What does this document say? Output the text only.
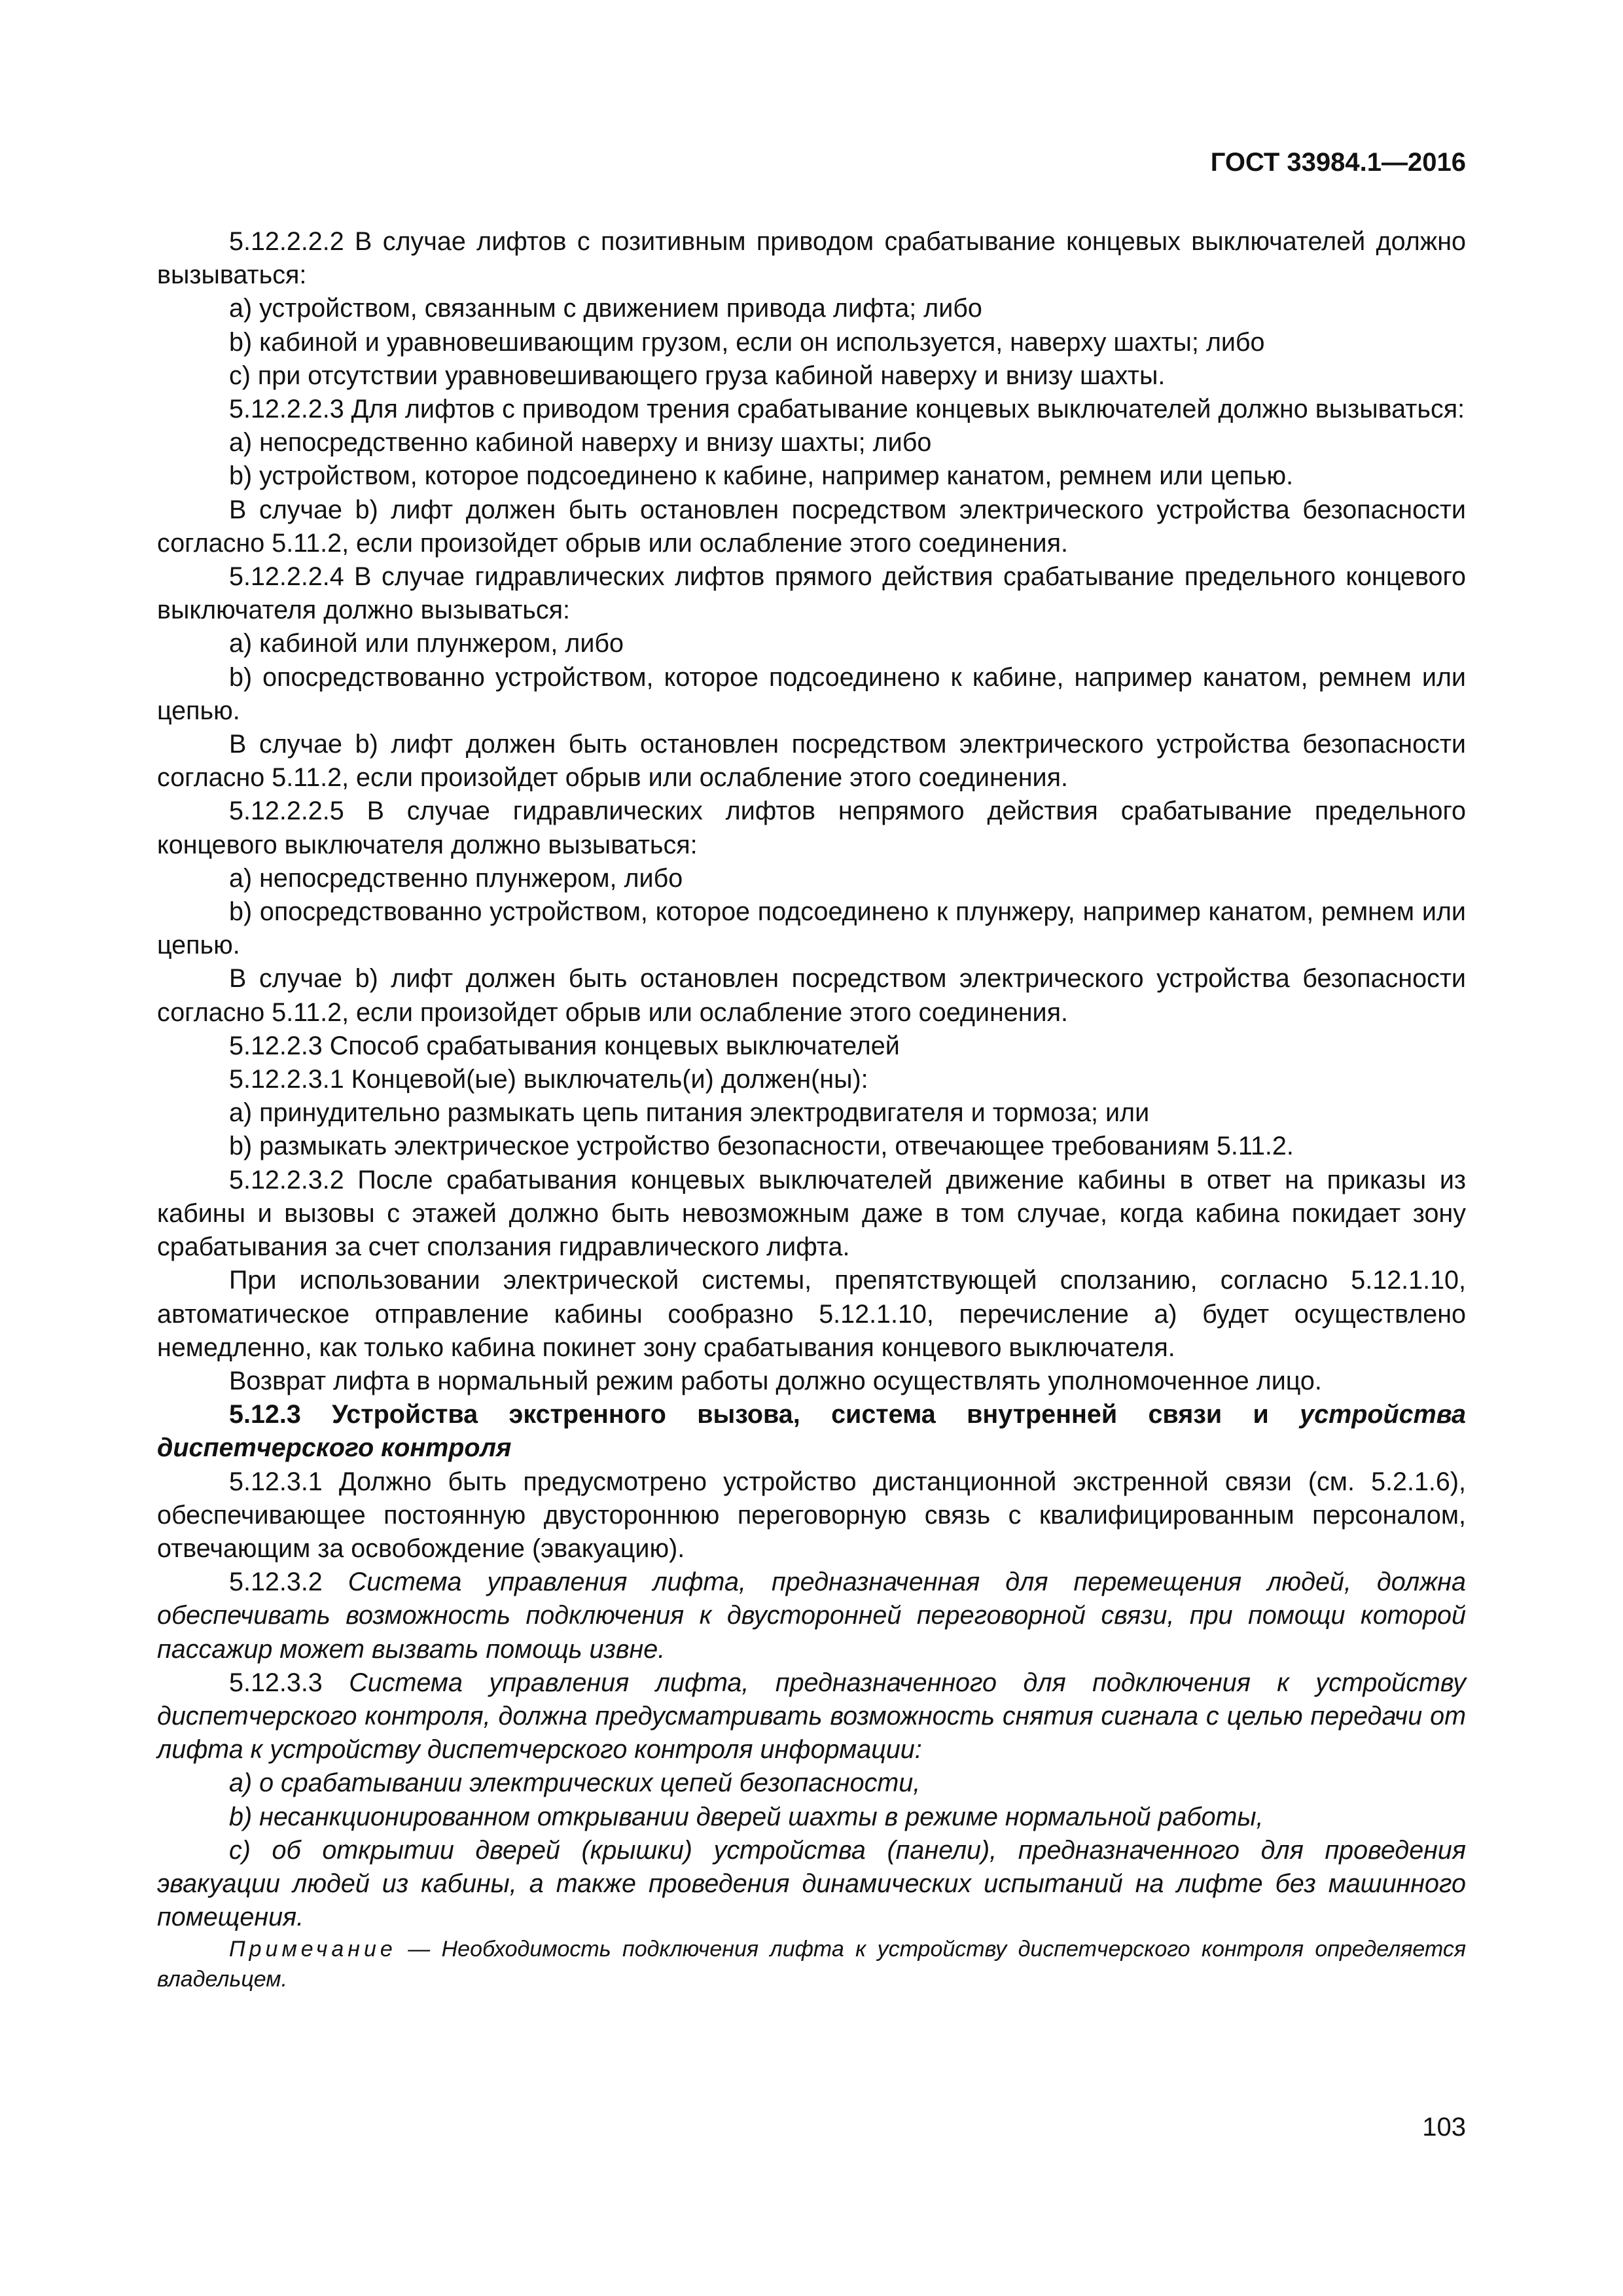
ГОСТ 33984.1—2016

5.12.2.2.2 В случае лифтов с позитивным приводом срабатывание концевых выключателей должно вызываться:

а) устройством, связанным с движением привода лифта; либо

b) кабиной и уравновешивающим грузом, если он используется, наверху шахты; либо

c) при отсутствии уравновешивающего груза кабиной наверху и внизу шахты.

5.12.2.2.3 Для лифтов с приводом трения срабатывание концевых выключателей должно вызываться:

а) непосредственно кабиной наверху и внизу шахты; либо

b) устройством, которое подсоединено к кабине, например канатом, ремнем или цепью.

В случае b) лифт должен быть остановлен посредством электрического устройства безопасности согласно 5.11.2, если произойдет обрыв или ослабление этого соединения.

5.12.2.2.4 В случае гидравлических лифтов прямого действия срабатывание предельного концевого выключателя должно вызываться:

а) кабиной или плунжером, либо

b) опосредствованно устройством, которое подсоединено к кабине, например канатом, ремнем или цепью.

В случае b) лифт должен быть остановлен посредством электрического устройства безопасности согласно 5.11.2, если произойдет обрыв или ослабление этого соединения.

5.12.2.2.5 В случае гидравлических лифтов непрямого действия срабатывание предельного концевого выключателя должно вызываться:

а) непосредственно плунжером, либо

b) опосредствованно устройством, которое подсоединено к плунжеру, например канатом, ремнем или цепью.

В случае b) лифт должен быть остановлен посредством электрического устройства безопасности согласно 5.11.2, если произойдет обрыв или ослабление этого соединения.

5.12.2.3 Способ срабатывания концевых выключателей

5.12.2.3.1 Концевой(ые) выключатель(и) должен(ны):

а) принудительно размыкать цепь питания электродвигателя и тормоза; или

b) размыкать электрическое устройство безопасности, отвечающее требованиям 5.11.2.

5.12.2.3.2 После срабатывания концевых выключателей движение кабины в ответ на приказы из кабины и вызовы с этажей должно быть невозможным даже в том случае, когда кабина покидает зону срабатывания за счет сползания гидравлического лифта.

При использовании электрической системы, препятствующей сползанию, согласно 5.12.1.10, автоматическое отправление кабины сообразно 5.12.1.10, перечисление а) будет осуществлено немедленно, как только кабина покинет зону срабатывания концевого выключателя.

Возврат лифта в нормальный режим работы должно осуществлять уполномоченное лицо.

5.12.3 Устройства экстренного вызова, система внутренней связи и устройства диспетчерского контроля

5.12.3.1 Должно быть предусмотрено устройство дистанционной экстренной связи (см. 5.2.1.6), обеспечивающее постоянную двустороннюю переговорную связь с квалифицированным персоналом, отвечающим за освобождение (эвакуацию).

5.12.3.2 Система управления лифта, предназначенная для перемещения людей, должна обеспечивать возможность подключения к двусторонней переговорной связи, при помощи которой пассажир может вызвать помощь извне.

5.12.3.3 Система управления лифта, предназначенного для подключения к устройству диспетчерского контроля, должна предусматривать возможность снятия сигнала с целью передачи от лифта к устройству диспетчерского контроля информации:

а) о срабатывании электрических цепей безопасности,

b) несанкционированном открывании дверей шахты в режиме нормальной работы,

c) об открытии дверей (крышки) устройства (панели), предназначенного для проведения эвакуации людей из кабины, а также проведения динамических испытаний на лифте без машинного помещения.

Примечание — Необходимость подключения лифта к устройству диспетчерского контроля определяется владельцем.

103
